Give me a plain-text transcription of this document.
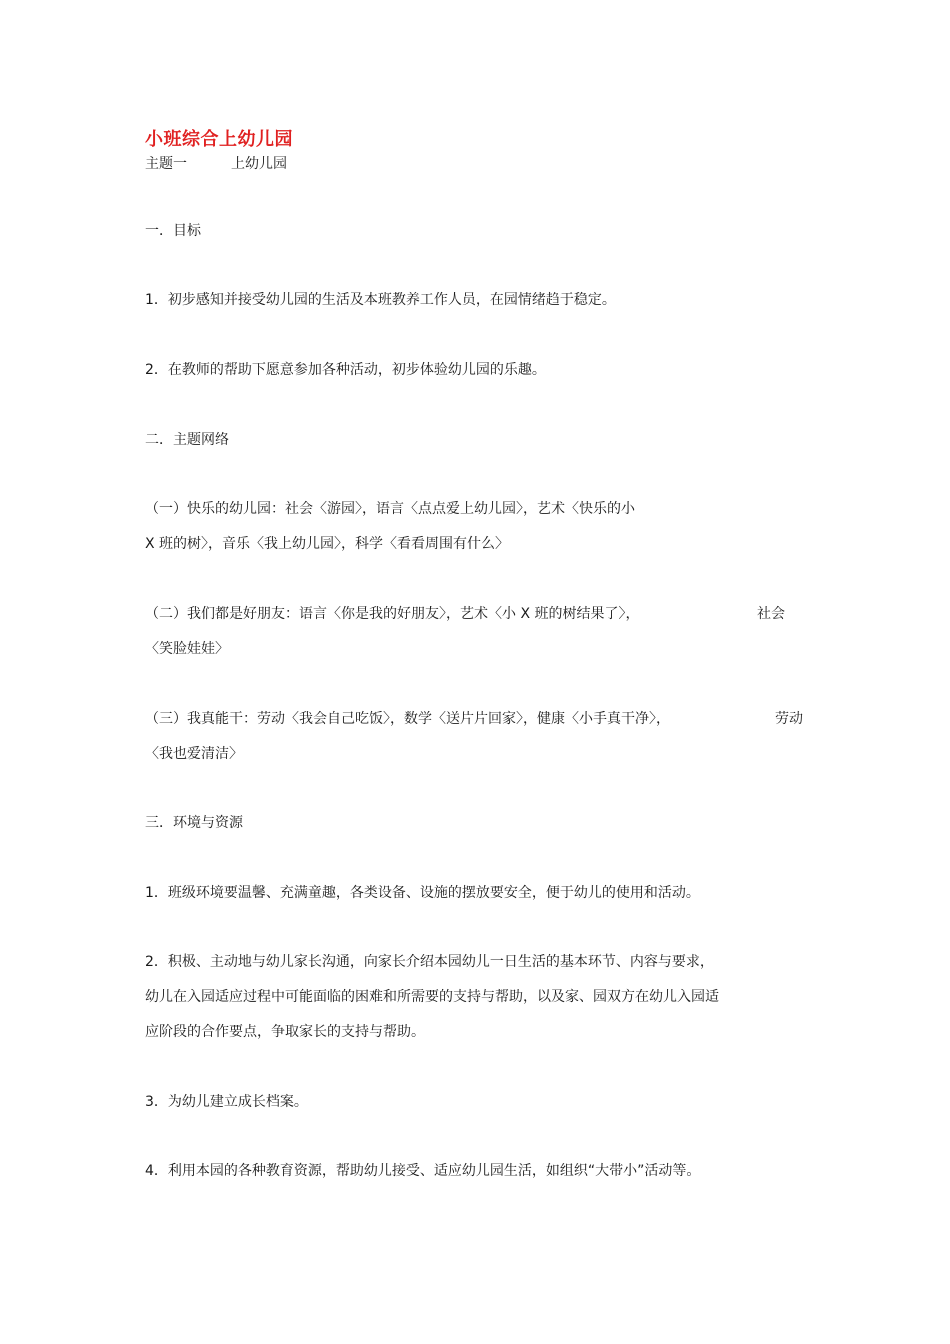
小班综合上幼儿园
主题一	上幼儿园
一．目标
1．初步感知并接受幼儿园的生活及本班教养工作人员，在园情绪趋于稳定。
2．在教师的帮助下愿意参加各种活动，初步体验幼儿园的乐趣。
二．主题网络
（一）快乐的幼儿园：社会〈游园〉，语言〈点点爱上幼儿园〉，艺术〈快乐的小
X 班的树〉，音乐〈我上幼儿园〉，科学〈看看周围有什么〉
（二）我们都是好朋友：语言〈你是我的好朋友〉，艺术〈小 X 班的树结果了〉，	社会
〈笑脸娃娃〉
（三）我真能干：劳动〈我会自己吃饭〉，数学〈送片片回家〉，健康〈小手真干净〉，	劳动
〈我也爱清洁〉
三．环境与资源
1．班级环境要温馨、充满童趣，各类设备、设施的摆放要安全，便于幼儿的使用和活动。
2．积极、主动地与幼儿家长沟通，向家长介绍本园幼儿一日生活的基本环节、内容与要求，
幼儿在入园适应过程中可能面临的困难和所需要的支持与帮助，以及家、园双方在幼儿入园适
应阶段的合作要点，争取家长的支持与帮助。
3．为幼儿建立成长档案。
4．利用本园的各种教育资源，帮助幼儿接受、适应幼儿园生活，如组织“大带小”活动等。
